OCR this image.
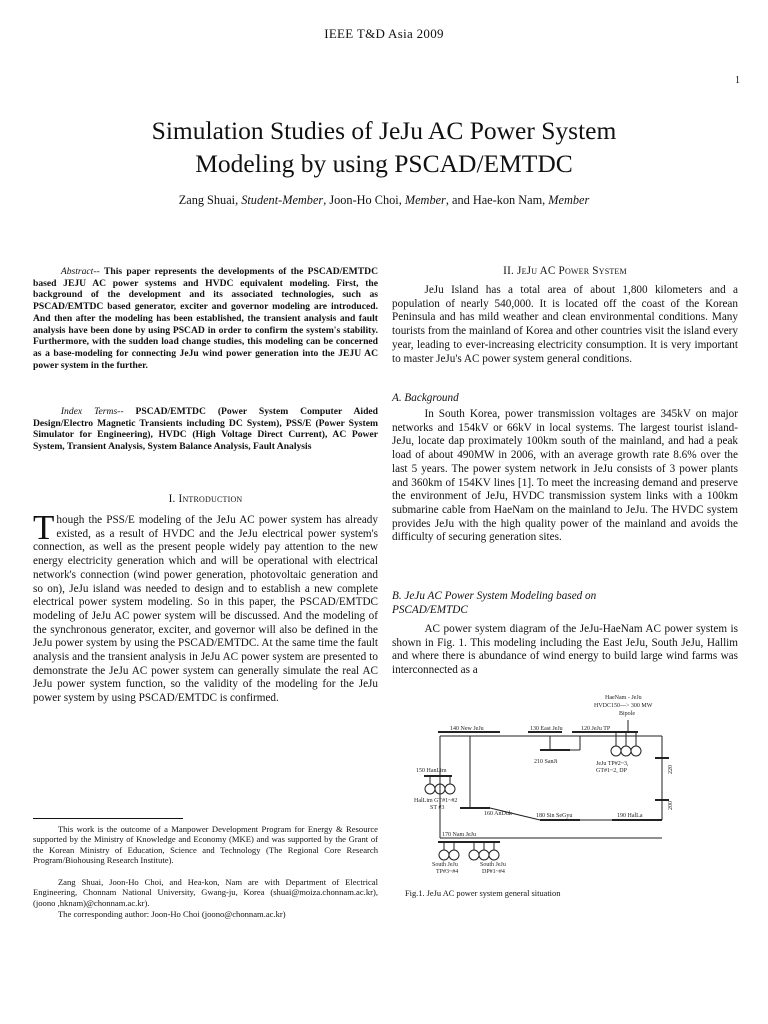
IEEE T&D Asia 2009
1
Simulation Studies of JeJu AC Power System
Modeling by using PSCAD/EMTDC
Zang Shuai, Student-Member, Joon-Ho Choi, Member, and Hae-kon Nam, Member
Abstract-- This paper represents the developments of the PSCAD/EMTDC based JEJU AC power systems and HVDC equivalent modeling. First, the background of the development and its associated technologies, such as PSCAD/EMTDC based generator, exciter and governor modeling are introduced. And then after the modeling has been established, the transient analysis and fault analysis have been done by using PSCAD in order to confirm the system's stability. Furthermore, with the sudden load change studies, this modeling can be concerned as a base-modeling for connecting JeJu wind power generation into the JEJU AC power system in the further.
Index Terms-- PSCAD/EMTDC (Power System Computer Aided Design/Electro Magnetic Transients including DC System), PSS/E (Power System Simulator for Engineering), HVDC (High Voltage Direct Current), AC Power System, Transient Analysis, System Balance Analysis, Fault Analysis
I. Introduction
Though the PSS/E modeling of the JeJu AC power system has already existed, as a result of HVDC and the JeJu electrical power system's connection, as well as the present people widely pay attention to the new energy electricity generation which and will be operational with electrical network's connection (wind power generation, photovoltaic generation and so on), JeJu island was needed to design and to establish a new complete electrical power system modeling. So in this paper, the PSCAD/EMTDC modeling of JeJu AC power system will be discussed. And the modeling of the synchronous generator, exciter, and governor will also be defined in the JeJu power system by using the PSCAD/EMTDC. At the same time the fault analysis and the transient analysis in JeJu AC power system are presented to demonstrate the JeJu AC power system can generally simulate the real AC JeJu power system function, so the validity of the modeling for the JeJu power system by using PSCAD/EMTDC is confirmed.
This work is the outcome of a Manpower Development Program for Energy & Resource supported by the Ministry of Knowledge and Economy (MKE) and was supported by the Grant of the Korean Ministry of Education, Science and Technology (The Regional Core Research Program/Biohousing Research Institute).
Zang Shuai, Joon-Ho Choi, and Hea-kon, Nam are with Department of Electrical Engineering, Chonnam National University, Gwang-ju, Korea (shuai@moiza.chonnam.ac.kr), (joono ,hknam)@chonnam.ac.kr).
The corresponding author: Joon-Ho Choi (joono@chonnam.ac.kr)
II. JeJu AC Power System
JeJu Island has a total area of about 1,800 kilometers and a population of nearly 540,000. It is located off the coast of the Korean Peninsula and has mild weather and clean environmental conditions. Many tourists from the mainland of Korea and other countries visit the island every year, leading to ever-increasing electricity consumption. It is very important to master JeJu's AC power system general conditions.
A. Background
In South Korea, power transmission voltages are 345kV on major networks and 154kV or 66kV in local systems. The largest tourist island-JeJu, locate dap proximately 100km south of the mainland, and had a peak load of about 490MW in 2006, with an average growth rate 8.6% over the last 5 years. The power system network in JeJu consists of 3 power plants and 360km of 154KV lines [1]. To meet the increasing demand and preserve the environment of JeJu, HVDC transmission system links with a 100km submarine cable from HaeNam on the mainland to JeJu. The HVDC system provides JeJu with the high quality power of the mainland and avoids the difficulty of securing generation sites.
B. JeJu AC Power System Modeling based on PSCAD/EMTDC
AC power system diagram of the JeJu-HaeNam AC power system is shown in Fig. 1. This modeling including the East JeJu, South JeJu, Hallim and where there is abundance of wind energy to build large wind farms was interconnected as a
HaeNam - JeJu
HVDC150---> 300 MW
Bipole
140 New JeJu	130 East JeJu	120 JeJu TP
210 SanJi	JeJu TP#2~3,
GT#1~2, DP
150 HanLim
HalLim GT#1~#2
ST #3
160 AnDuk
170 Nam JeJu
180 Sin SeGyu	190 HalLa
220
200
South JeJu
TP#3~#4
South JeJu
DP#1~#4
Fig.1. JeJu AC power system general situation
